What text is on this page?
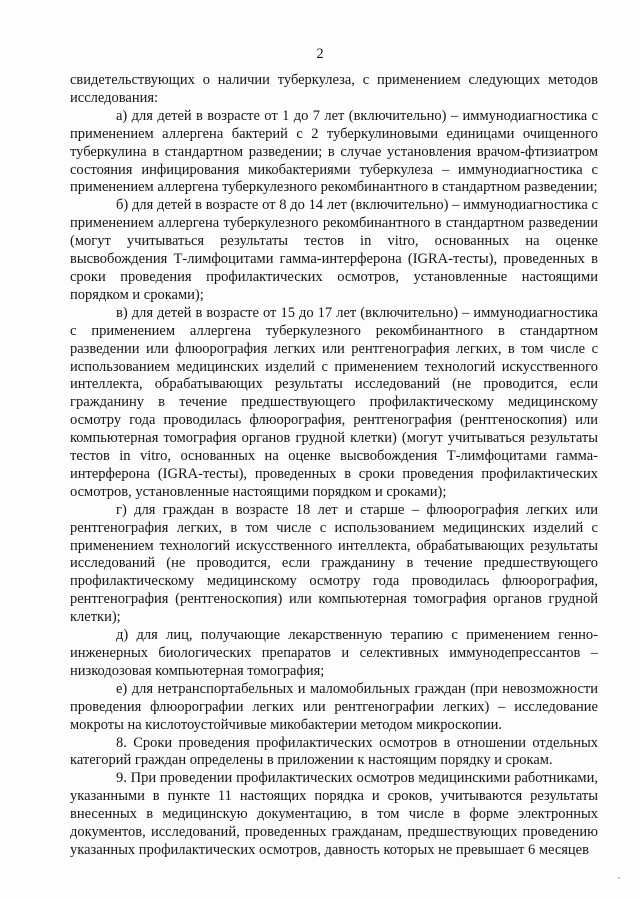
2

свидетельствующих о наличии туберкулеза, с применением следующих методов исследования:

а) для детей в возрасте от 1 до 7 лет (включительно) – иммунодиагностика с применением аллергена бактерий с 2 туберкулиновыми единицами очищенного туберкулина в стандартном разведении; в случае установления врачом-фтизиатром состояния инфицирования микобактериями туберкулеза – иммунодиагностика с применением аллергена туберкулезного рекомбинантного в стандартном разведении;

б) для детей в возрасте от 8 до 14 лет (включительно) – иммунодиагностика с применением аллергена туберкулезного рекомбинантного в стандартном разведении (могут учитываться результаты тестов in vitro, основанных на оценке высвобождения Т-лимфоцитами гамма-интерферона (IGRA-тесты), проведенных в сроки проведения профилактических осмотров, установленные настоящими порядком и сроками);

в) для детей в возрасте от 15 до 17 лет (включительно) – иммунодиагностика с применением аллергена туберкулезного рекомбинантного в стандартном разведении или флюорография легких или рентгенография легких, в том числе с использованием медицинских изделий с применением технологий искусственного интеллекта, обрабатывающих результаты исследований (не проводится, если гражданину в течение предшествующего профилактическому медицинскому осмотру года проводилась флюорография, рентгенография (рентгеноскопия) или компьютерная томография органов грудной клетки) (могут учитываться результаты тестов in vitro, основанных на оценке высвобождения Т-лимфоцитами гамма-интерферона (IGRA-тесты), проведенных в сроки проведения профилактических осмотров, установленные настоящими порядком и сроками);

г) для граждан в возрасте 18 лет и старше – флюорография легких или рентгенография легких, в том числе с использованием медицинских изделий с применением технологий искусственного интеллекта, обрабатывающих результаты исследований (не проводится, если гражданину в течение предшествующего профилактическому медицинскому осмотру года проводилась флюорография, рентгенография (рентгеноскопия) или компьютерная томография органов грудной клетки);

д) для лиц, получающие лекарственную терапию с применением генно-инженерных биологических препаратов и селективных иммунодепрессантов – низкодозовая компьютерная томография;

е) для нетранспортабельных и маломобильных граждан (при невозможности проведения флюорографии легких или рентгенографии легких) – исследование мокроты на кислотоустойчивые микобактерии методом микроскопии.

8. Сроки проведения профилактических осмотров в отношении отдельных категорий граждан определены в приложении к настоящим порядку и срокам.

9. При проведении профилактических осмотров медицинскими работниками, указанными в пункте 11 настоящих порядка и сроков, учитываются результаты внесенных в медицинскую документацию, в том числе в форме электронных документов, исследований, проведенных гражданам, предшествующих проведению указанных профилактических осмотров, давность которых не превышает 6 месяцев
